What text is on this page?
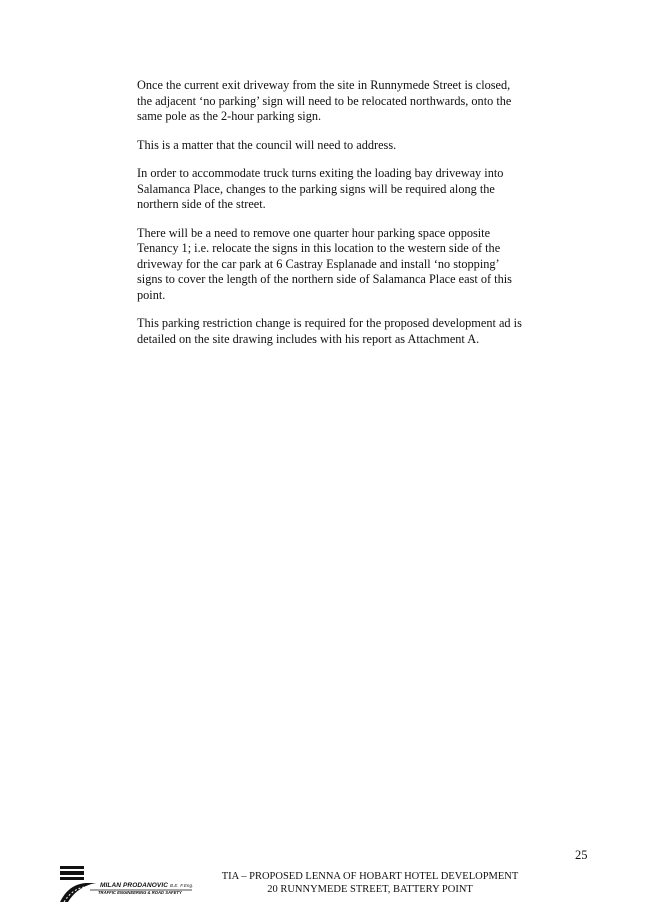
Once the current exit driveway from the site in Runnymede Street is closed,
the adjacent ‘no parking’ sign will need to be relocated northwards, onto the
same pole as the 2-hour parking sign.

This is a matter that the council will need to address.

In order to accommodate truck turns exiting the loading bay driveway into
Salamanca Place, changes to the parking signs will be required along the
northern side of the street.

There will be a need to remove one quarter hour parking space opposite
Tenancy 1; i.e. relocate the signs in this location to the western side of the
driveway for the car park at 6 Castray Esplanade and install ‘no stopping’
signs to cover the length of the northern side of Salamanca Place east of this
point.

This parking restriction change is required for the proposed development ad is
detailed on the site drawing includes with his report as Attachment A.

25
MILAN PRODANOVIC B.E. F.Eng.
TRAFFIC ENGINEERING & ROAD SAFETY
TIA – PROPOSED LENNA OF HOBART HOTEL DEVELOPMENT
20 RUNNYMEDE STREET, BATTERY POINT
